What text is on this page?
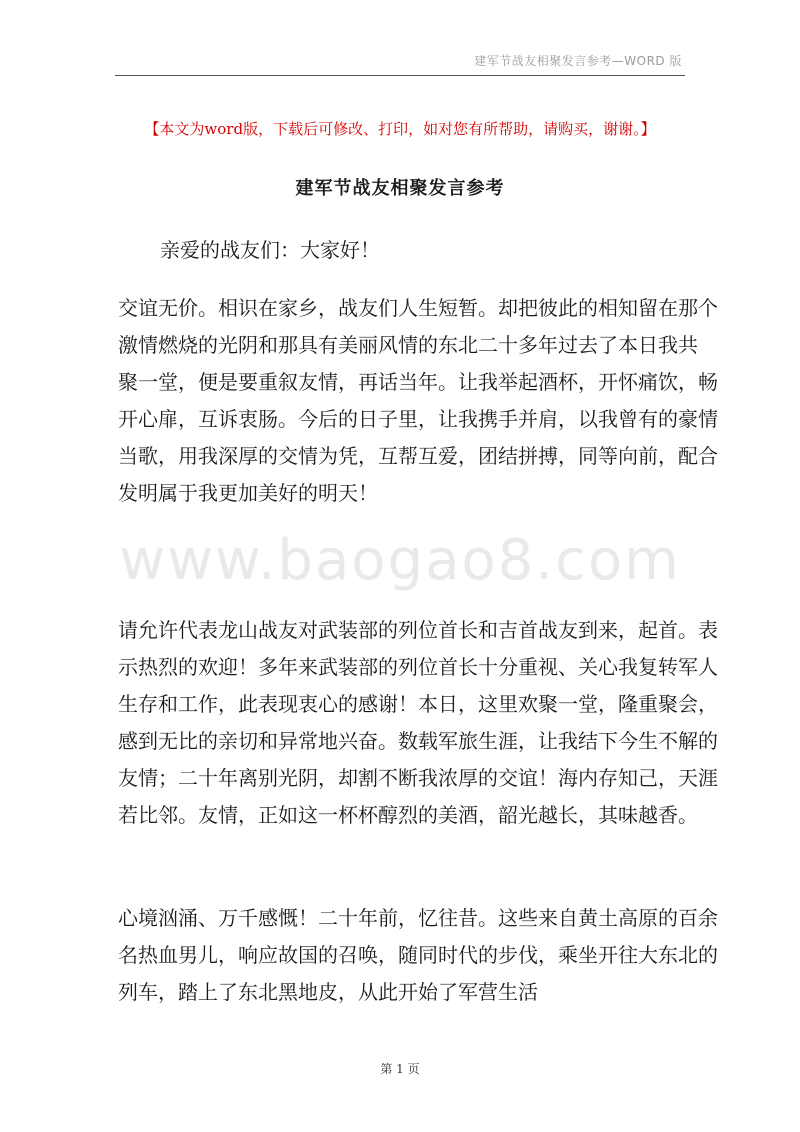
建军节战友相聚发言参考—WORD 版
【本文为word版，下载后可修改、打印，如对您有所帮助，请购买，谢谢。】
建军节战友相聚发言参考
亲爱的战友们：大家好！
交谊无价。相识在家乡，战友们人生短暂。却把彼此的相知留在那个
激情燃烧的光阴和那具有美丽风情的东北二十多年过去了本日我共
聚一堂，便是要重叙友情，再话当年。让我举起酒杯，开怀痛饮，畅
开心扉，互诉衷肠。今后的日子里，让我携手并肩，以我曾有的豪情
当歌，用我深厚的交情为凭，互帮互爱，团结拼搏，同等向前，配合
发明属于我更加美好的明天！
www.baogao8.com
请允许代表龙山战友对武装部的列位首长和吉首战友到来，起首。表
示热烈的欢迎！多年来武装部的列位首长十分重视、关心我复转军人
生存和工作，此表现衷心的感谢！本日，这里欢聚一堂，隆重聚会，
感到无比的亲切和异常地兴奋。数载军旅生涯，让我结下今生不解的
友情；二十年离别光阴，却割不断我浓厚的交谊！海内存知己，天涯
若比邻。友情，正如这一杯杯醇烈的美酒，韶光越长，其味越香。
心境汹涌、万千感慨！二十年前，忆往昔。这些来自黄土高原的百余
名热血男儿，响应故国的召唤，随同时代的步伐，乘坐开往大东北的
列车，踏上了东北黑地皮，从此开始了军营生活
第 1 页
